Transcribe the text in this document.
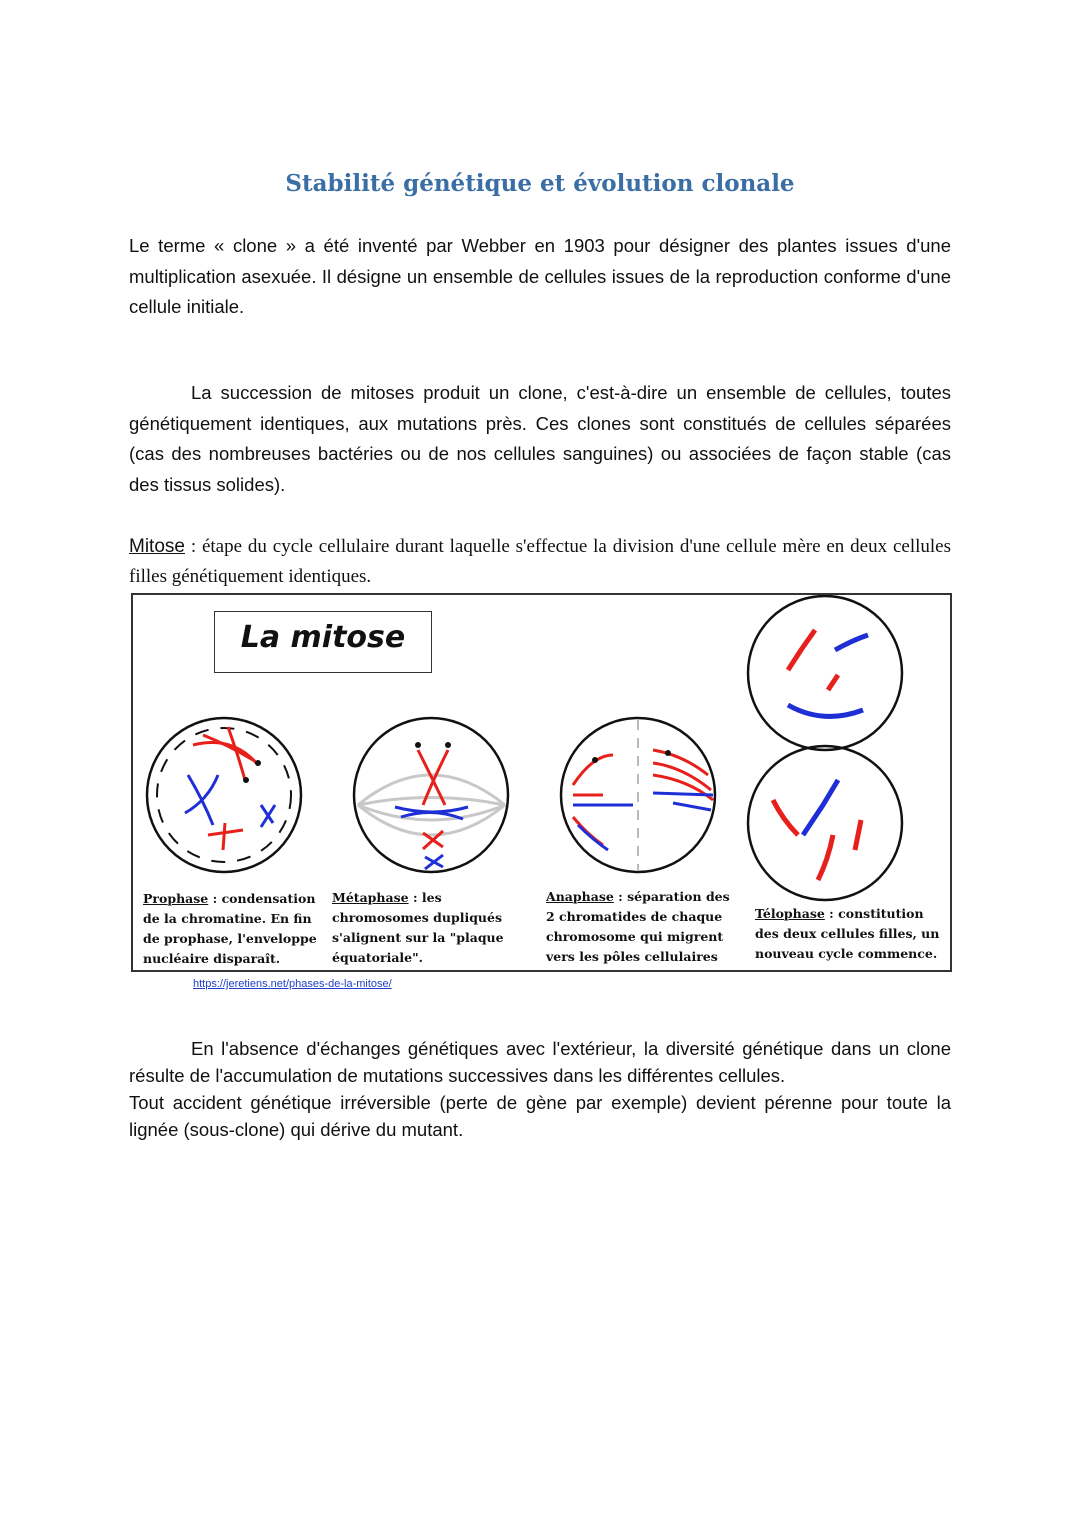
Stabilité génétique et évolution clonale
Le terme « clone » a été inventé par Webber en 1903 pour désigner des plantes issues d'une multiplication asexuée. Il désigne un ensemble de cellules issues de la reproduction conforme d'une cellule initiale.
La succession de mitoses produit un clone, c'est-à-dire un ensemble de cellules, toutes génétiquement identiques, aux mutations près. Ces clones sont constitués de cellules séparées (cas des nombreuses bactéries ou de nos cellules sanguines) ou associées de façon stable (cas des tissus solides).
Mitose : étape du cycle cellulaire durant laquelle s'effectue la division d'une cellule mère en deux cellules filles génétiquement identiques.
La mitose
Prophase : condensation de la chromatine. En fin de prophase, l'enveloppe nucléaire disparaît.
Métaphase : les chromosomes dupliqués s'alignent sur la "plaque équatoriale".
Anaphase : séparation des 2 chromatides de chaque chromosome qui migrent vers les pôles cellulaires
Télophase : constitution des deux cellules filles, un nouveau cycle commence.
https://jeretiens.net/phases-de-la-mitose/
En l'absence d'échanges génétiques avec l'extérieur, la diversité génétique dans un clone résulte de l'accumulation de mutations successives dans les différentes cellules.
Tout accident génétique irréversible (perte de gène par exemple) devient pérenne pour toute la lignée (sous-clone) qui dérive du mutant.
